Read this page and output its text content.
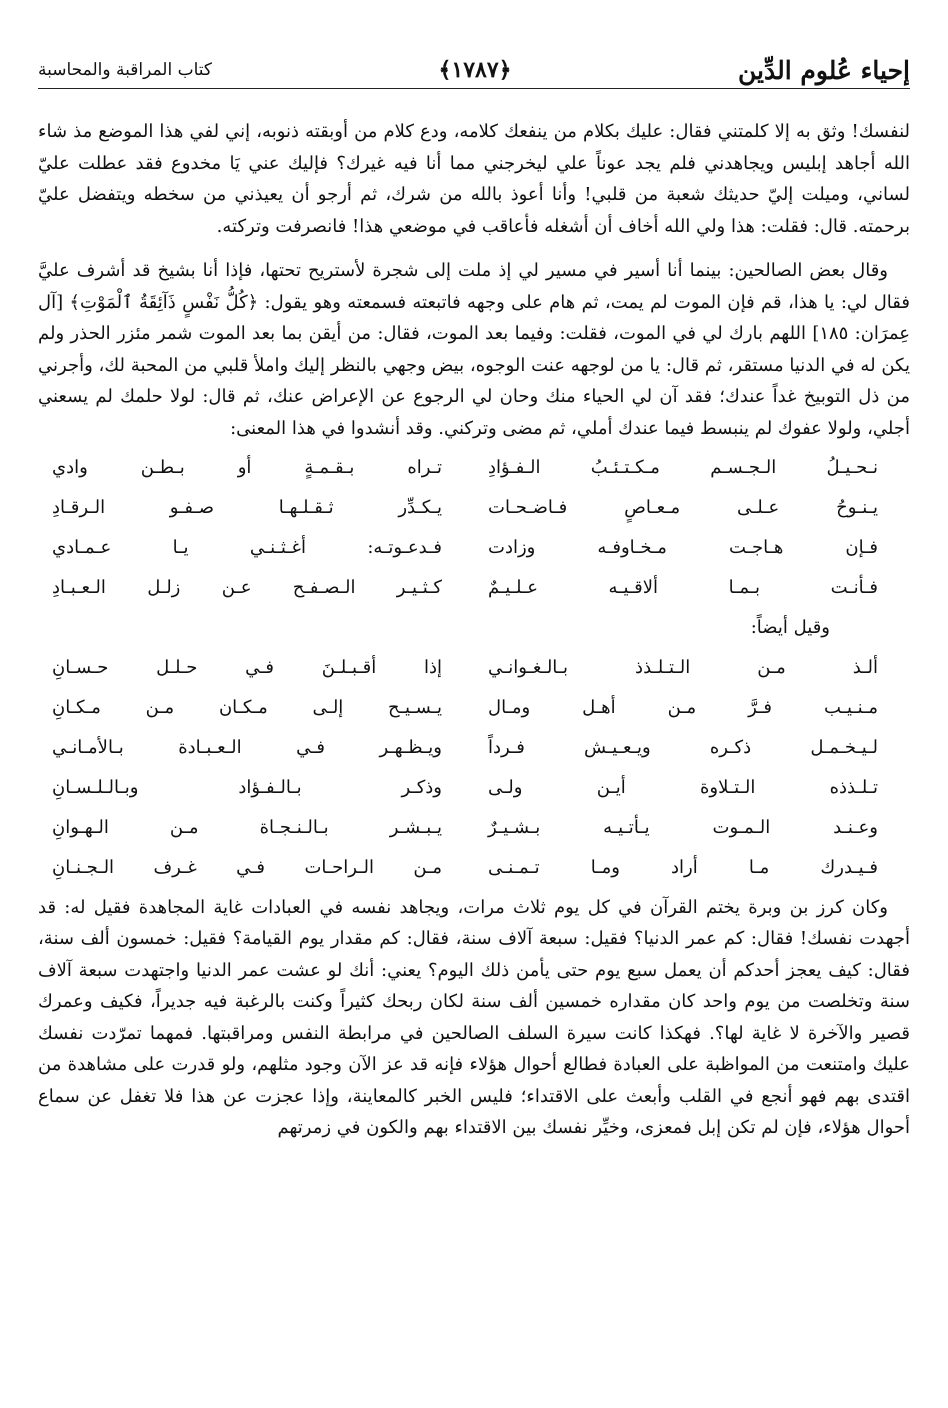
إحياء عُلوم الدِّين
﴿١٧٨٧﴾
كتاب المراقبة والمحاسبة

لنفسك! وثق به إلا كلمتني فقال: عليك بكلام من ينفعك كلامه، ودع كلام من أوبقته ذنوبه، إني لفي هذا الموضع مذ شاء الله أجاهد إبليس ويجاهدني فلم يجد عوناً علي ليخرجني مما أنا فيه غيرك؟ فإليك عني يَا مخدوع فقد عطلت عليّ لساني، وميلت إليّ حديثك شعبة من قلبي! وأنا أعوذ بالله من شرك، ثم أرجو أن يعيذني من سخطه ويتفضل عليّ برحمته. قال: فقلت: هذا ولي الله أخاف أن أشغله فأعاقب في موضعي هذا! فانصرفت وتركته.

وقال بعض الصالحين: بينما أنا أسير في مسير لي إذ ملت إلى شجرة لأستريح تحتها، فإذا أنا بشيخ قد أشرف عليَّ فقال لي: يا هذا، قم فإن الموت لم يمت، ثم هام على وجهه فاتبعته فسمعته وهو يقول: ﴿كُلُّ نَفْسٍ ذَآئِقَةُ ٱلْمَوْتِ﴾ [آل عِمرَان: ١٨٥] اللهم بارك لي في الموت، فقلت: وفيما بعد الموت، فقال: من أيقن بما بعد الموت شمر مئزر الحذر ولم يكن له في الدنيا مستقر، ثم قال: يا من لوجهه عنت الوجوه، بيض وجهي بالنظر إليك واملأ قلبي من المحبة لك، وأجرني من ذل التوبيخ غداً عندك؛ فقد آن لي الحياء منك وحان لي الرجوع عن الإعراض عنك، ثم قال: لولا حلمك لم يسعني أجلي، ولولا عفوك لم ينبسط فيما عندك أملي، ثم مضى وتركني. وقد أنشدوا في هذا المعنى:

نـحـيـلُ الـجـسـم مـكـتـئـبُ الـفـؤادِ
تـراه بـقـمـةٍ أو بـطـن وادي
يـنـوحُ عـلـى مـعـاصٍ فـاضـحـات
يـكـدِّر ثـقـلـهـا صـفـو الـرقـادِ
فـإن هـاجـت مـخـاوفـه وزادت
فـدعـوتـه: أغـثـنـي يـا عـمـادي
فـأنـت بـمـا ألاقـيـه عـلـيـمٌ
كـثـيـر الـصـفـح عـن زلـل الـعـبـادِ

وقيل أيضاً:

ألـذ مـن الـتـلـذذ بـالـغـوانـي
إذا أقـبـلـنَ فـي حـلـل حـسـانِ
مـنـيـب فـرَّ مـن أهـل ومـال
يـسـيـح إلـى مـكـان مـن مـكـانِ
لـيـخـمـل ذكـره ويـعـيـش فـرداً
ويـظـهـر فـي الـعـبـادة بـالأمـانـي
تـلـذذه الـتـلاوة أيـن ولـى
وذكـر بـالـفـؤاد وبـالـلـسـانِ
وعـنـد الـمـوت يـأتـيـه بـشـيـرٌ
يـبـشـر بـالـنـجـاة مـن الـهـوانِ
فـيـدرك مـا أراد ومـا تـمـنـى
مـن الـراحـات فـي غـرف الـجـنـانِ

وكان كرز بن وبرة يختم القرآن في كل يوم ثلاث مرات، ويجاهد نفسه في العبادات غاية المجاهدة فقيل له: قد أجهدت نفسك! فقال: كم عمر الدنيا؟ فقيل: سبعة آلاف سنة، فقال: كم مقدار يوم القيامة؟ فقيل: خمسون ألف سنة، فقال: كيف يعجز أحدكم أن يعمل سبع يوم حتى يأمن ذلك اليوم؟ يعني: أنك لو عشت عمر الدنيا واجتهدت سبعة آلاف سنة وتخلصت من يوم واحد كان مقداره خمسين ألف سنة لكان ربحك كثيراً وكنت بالرغبة فيه جديراً، فكيف وعمرك قصير والآخرة لا غاية لها؟. فهكذا كانت سيرة السلف الصالحين في مرابطة النفس ومراقبتها. فمهما تمرّدت نفسك عليك وامتنعت من المواظبة على العبادة فطالع أحوال هؤلاء فإنه قد عز الآن وجود مثلهم، ولو قدرت على مشاهدة من اقتدى بهم فهو أنجع في القلب وأبعث على الاقتداء؛ فليس الخبر كالمعاينة، وإذا عجزت عن هذا فلا تغفل عن سماع أحوال هؤلاء، فإن لم تكن إبل فمعزى، وخيِّر نفسك بين الاقتداء بهم والكون في زمرتهم
